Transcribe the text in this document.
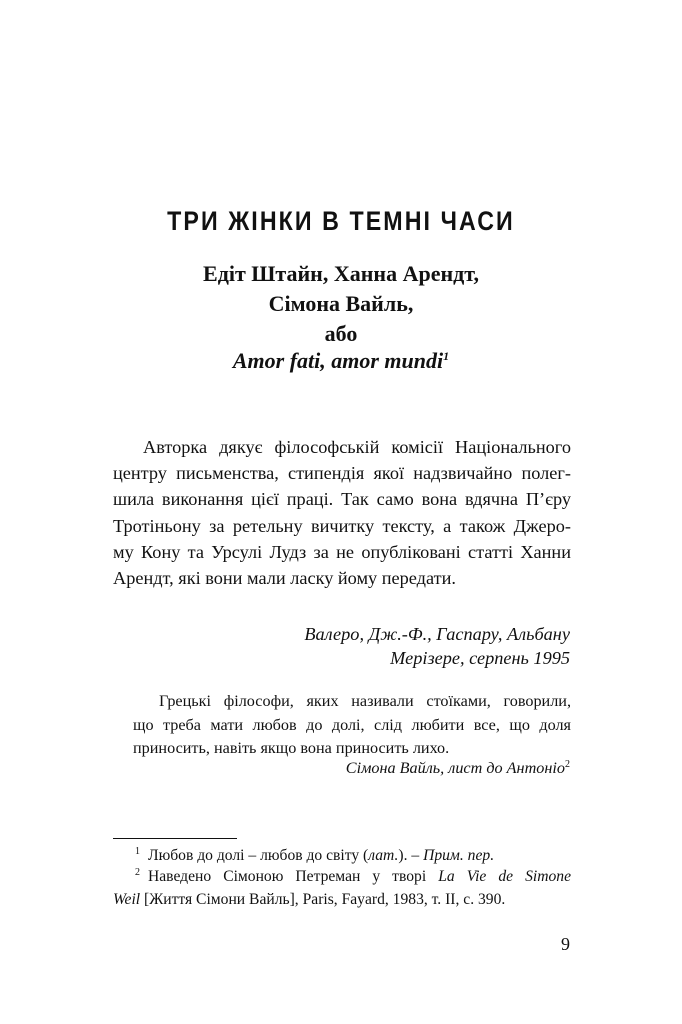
ТРИ ЖІНКИ В ТЕМНІ ЧАСИ
Едіт Штайн, Ханна Арендт,
Сімона Вайль,
або
Amor fati, amor mundi$^1$
Авторка дякує філософській комісії Національного
центру письменства, стипендія якої надзвичайно полег-
шила виконання цієї праці. Так само вона вдячна П’єру
Тротіньону за ретельну вичитку тексту, а також Джеро-
му Кону та Урсулі Лудз за не опубліковані статті Ханни
Арендт, які вони мали ласку йому передати.
Валеро, Дж.-Ф., Гаспару, Альбану
Мерізере, серпень 1995
Грецькі філософи, яких називали стоїками, говорили,
що треба мати любов до долі, слід любити все, що доля
приносить, навіть якщо вона приносить лихо.
Сімона Вайль, лист до Антоніо$^2$
$^1$ Любов до долі – любов до світу (лат.). – Прим. пер.
$^2$ Наведено Сімоною Петреман у творі La Vie de Simone
Weil [Життя Сімони Вайль], Paris, Fayard, 1983, т. II, с. 390.
9
